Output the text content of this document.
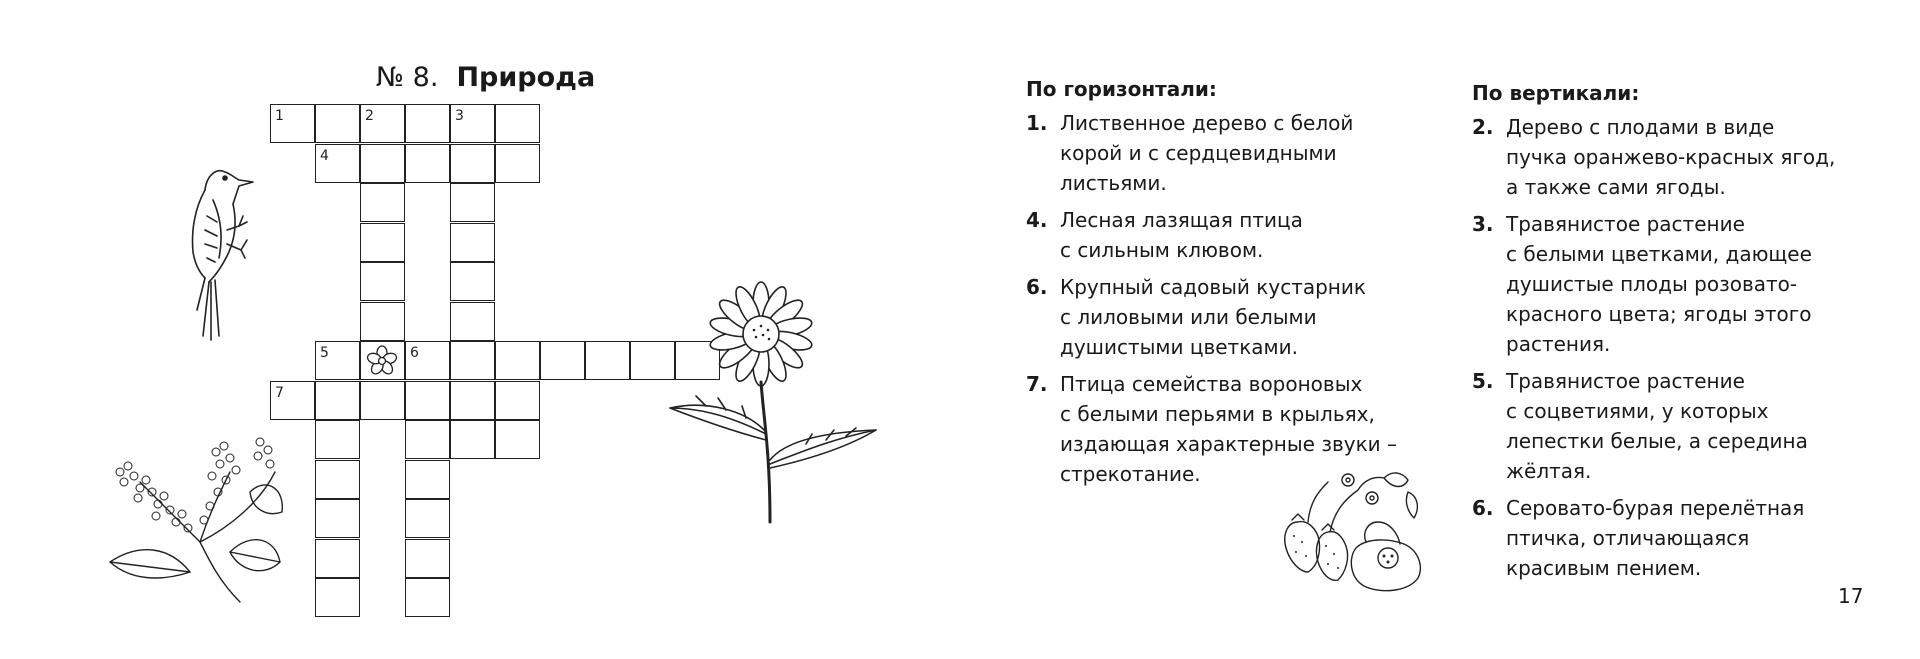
№ 8. Природа
1	2	3
4
5	6
7
По горизонтали:
1. Лиственное дерево с белой
корой и с сердцевидными
листьями.
4. Лесная лазящая птица
с сильным клювом.
6. Крупный садовый кустарник
с лиловыми или белыми
душистыми цветками.
7. Птица семейства вороновых
с белыми перьями в крыльях,
издающая характерные звуки –
стрекотание.
По вертикали:
2. Дерево с плодами в виде
пучка оранжево-красных ягод,
а также сами ягоды.
3. Травянистое растение
с белыми цветками, дающее
душистые плоды розовато-
красного цвета; ягоды этого
растения.
5. Травянистое растение
с соцветиями, у которых
лепестки белые, а середина
жёлтая.
6. Серовато-бурая перелётная
птичка, отличающаяся
красивым пением.
17
